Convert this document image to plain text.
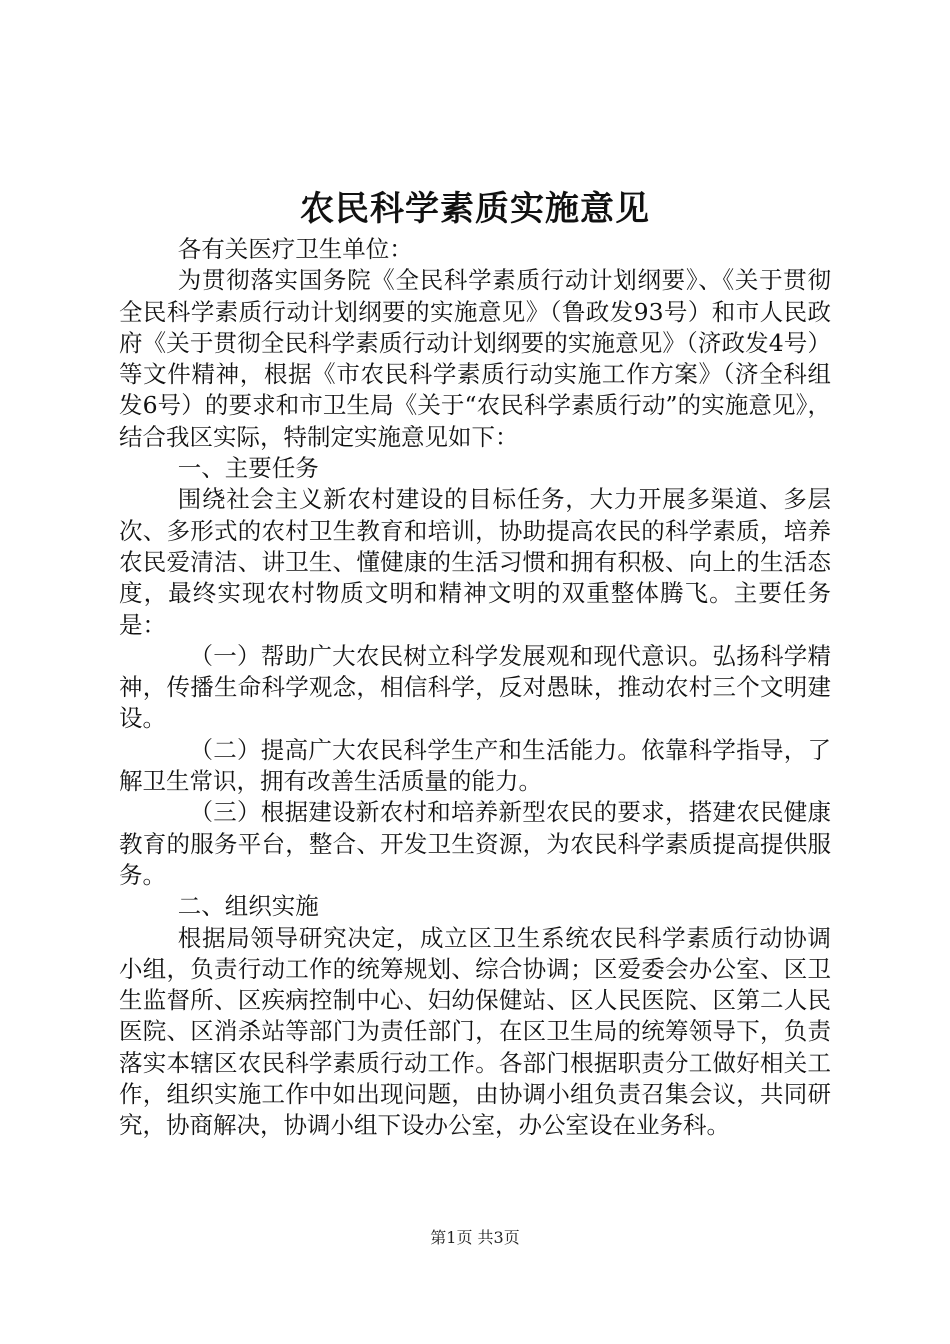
农民科学素质实施意见

各有关医疗卫生单位：

为贯彻落实国务院《全民科学素质行动计划纲要》、《关于贯彻全民科学素质行动计划纲要的实施意见》（鲁政发93号）和市人民政府《关于贯彻全民科学素质行动计划纲要的实施意见》（济政发4号）等文件精神，根据《市农民科学素质行动实施工作方案》（济全科组发6号）的要求和市卫生局《关于“农民科学素质行动”的实施意见》，结合我区实际，特制定实施意见如下：

一、主要任务

围绕社会主义新农村建设的目标任务，大力开展多渠道、多层次、多形式的农村卫生教育和培训，协助提高农民的科学素质，培养农民爱清洁、讲卫生、懂健康的生活习惯和拥有积极、向上的生活态度，最终实现农村物质文明和精神文明的双重整体腾飞。主要任务是：

（一）帮助广大农民树立科学发展观和现代意识。弘扬科学精神，传播生命科学观念，相信科学，反对愚昧，推动农村三个文明建设。

（二）提高广大农民科学生产和生活能力。依靠科学指导，了解卫生常识，拥有改善生活质量的能力。

（三）根据建设新农村和培养新型农民的要求，搭建农民健康教育的服务平台，整合、开发卫生资源，为农民科学素质提高提供服务。

二、组织实施

根据局领导研究决定，成立区卫生系统农民科学素质行动协调小组，负责行动工作的统筹规划、综合协调；区爱委会办公室、区卫生监督所、区疾病控制中心、妇幼保健站、区人民医院、区第二人民医院、区消杀站等部门为责任部门，在区卫生局的统筹领导下，负责落实本辖区农民科学素质行动工作。各部门根据职责分工做好相关工作，组织实施工作中如出现问题，由协调小组负责召集会议，共同研究，协商解决，协调小组下设办公室，办公室设在业务科。

第1页 共3页
